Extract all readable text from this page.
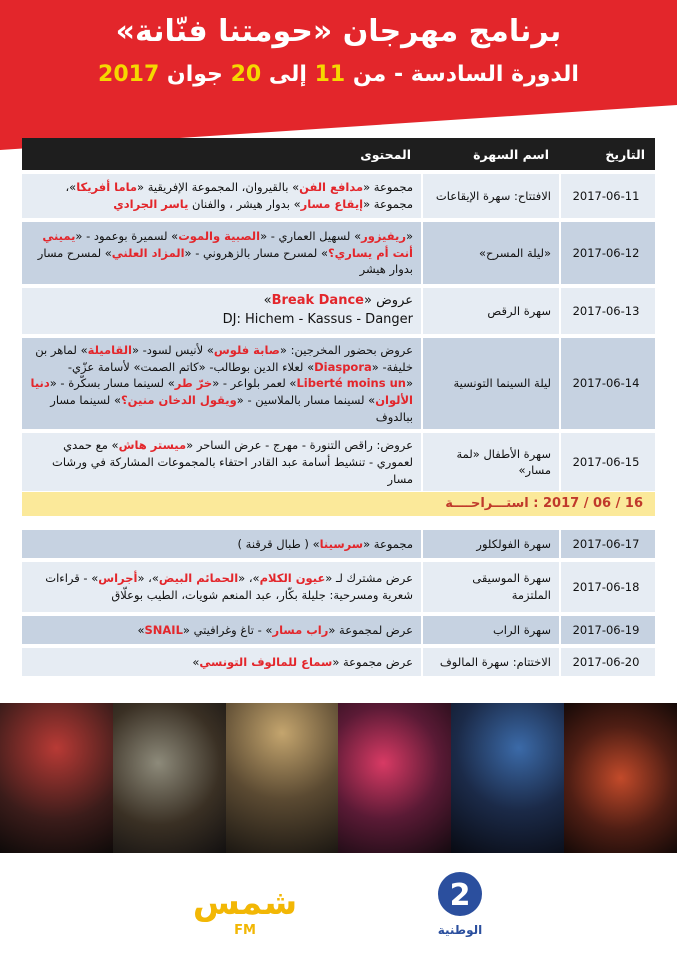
برنامج مهرجان «حومتنا فنّانة»
الدورة السادسة - من 11 إلى 20 جوان 2017
التاريخ	اسم السهرة	المحتوى
2017-06-11	الافتتاح: سهرة الإيقاعات	مجموعة «مدافع الفن» بالقيروان، المجموعة الإفريقية «ماما أفريكا»، مجموعة «إيقاع مسار» بدوار هيشر ، والفنان ياسر الجرادي
2017-06-12	«ليلة المسرح»	«ريفيزور» لسهيل العماري - «الصبية والموت» لسميرة بوعمود - «يميني أنت أم يساري؟» لمسرح مسار بالزهروني - «المزاد العلني» لمسرح مسار بدوار هيشر
2017-06-13	سهرة الرقص	عروض «Break Dance»
DJ: Hichem - Kassus - Danger
2017-06-14	ليلة السينما التونسية	عروض بحضور المخرجين: «صابة فلوس» لأنيس لسود- «القاميلة» لماهر بن خليفة- «Diaspora» لعلاء الدين بوطالب- «كاتم الصمت» لأسامة عزّي- «Liberté moins un» لعمر بلواعر - «خرّ طر» لسينما مسار بسكّرة - «دنيا الألوان» لسينما مسار بالملاسين - «ويقول الدخان منين؟» لسينما مسار ببالدوف
2017-06-15	سهرة الأطفال «لمة مسار»	عروض: راقص التنورة - مهرج - عرض الساحر «ميستر هاش» مع حمدي لعموري - تنشيط أسامة عبد القادر احتفاء بالمجموعات المشاركة في ورشات مسار
16 / 06 / 2017 : استـــراحــــة
2017-06-17	سهرة الفولكلور	مجموعة «سرسينا» ( طبال قرقنة )
2017-06-18	سهرة الموسيقى الملتزمة	عرض مشترك لـ «عيون الكلام»، «الحمائم البيض»، «أجراس» - قراءات شعرية ومسرحية: جليلة بكّار، عبد المنعم شويات، الطيب بوعلّاق
2017-06-19	سهرة الراب	عرض لمجموعة «راب مسار» - تاغ وغرافيتي «SNAIL»
2017-06-20	الاختتام: سهرة المالوف	عرض مجموعة «سماع للمالوف التونسي»
شمس
FM
2
الوطنية
